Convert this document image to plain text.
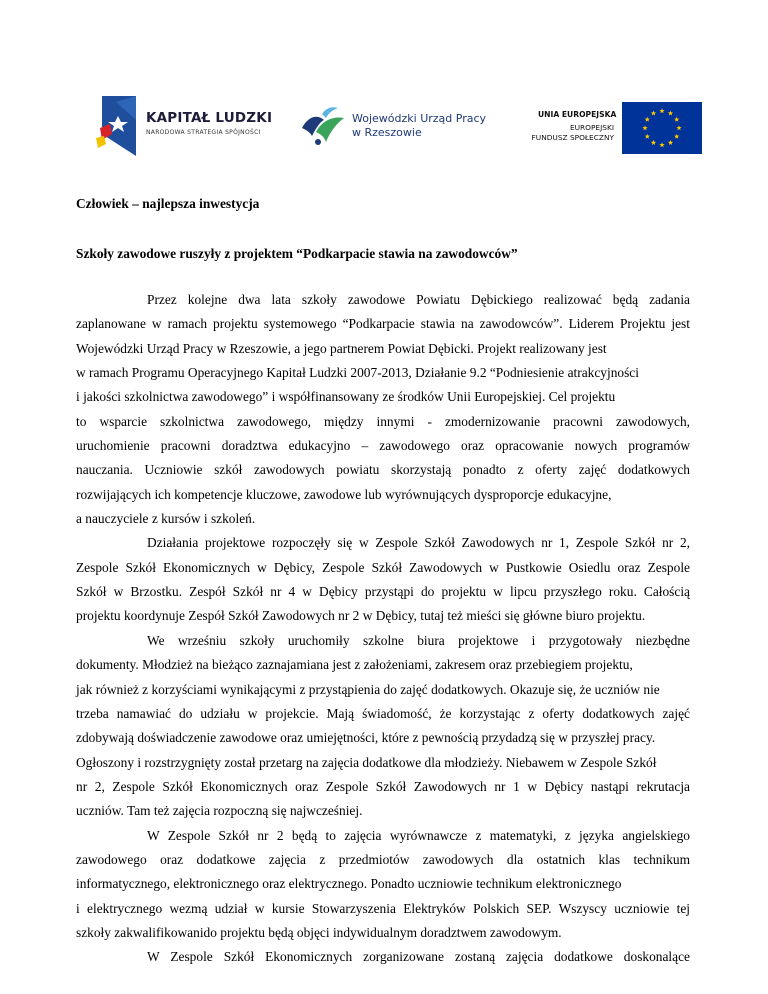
KAPITAŁ LUDZKI
NARODOWA STRATEGIA SPÓJNOŚCI
Wojewódzki Urząd Pracy
w Rzeszowie
UNIA EUROPEJSKA
EUROPEJSKI
FUNDUSZ SPOŁECZNY
Człowiek – najlepsza inwestycja
Szkoły zawodowe ruszyły z projektem “Podkarpacie stawia na zawodowców”
Przez kolejne dwa lata szkoły zawodowe Powiatu Dębickiego realizować będą zadania
zaplanowane w ramach projektu systemowego “Podkarpacie stawia na zawodowców”. Liderem Projektu jest
Wojewódzki Urząd Pracy w Rzeszowie, a jego partnerem Powiat Dębicki. Projekt realizowany jest
w ramach Programu Operacyjnego Kapitał Ludzki 2007-2013, Działanie 9.2 “Podniesienie atrakcyjności
i jakości szkolnictwa zawodowego” i współfinansowany ze środków Unii Europejskiej. Cel projektu
to wsparcie szkolnictwa zawodowego, między innymi - zmodernizowanie pracowni zawodowych,
uruchomienie pracowni doradztwa edukacyjno – zawodowego oraz opracowanie nowych programów
nauczania. Uczniowie szkół zawodowych powiatu skorzystają ponadto z oferty zajęć dodatkowych
rozwijających ich kompetencje kluczowe, zawodowe lub wyrównujących dysproporcje edukacyjne,
a nauczyciele z kursów i szkoleń.
Działania projektowe rozpoczęły się w Zespole Szkół Zawodowych nr 1, Zespole Szkół nr 2,
Zespole Szkół Ekonomicznych w Dębicy, Zespole Szkół Zawodowych w Pustkowie Osiedlu oraz Zespole
Szkół w Brzostku. Zespół Szkół nr 4 w Dębicy przystąpi do projektu w lipcu przyszłego roku. Całością
projektu koordynuje Zespół Szkół Zawodowych nr 2 w Dębicy, tutaj też mieści się główne biuro projektu.
We wrześniu szkoły uruchomiły szkolne biura projektowe i przygotowały niezbędne
dokumenty. Młodzież na bieżąco zaznajamiana jest z założeniami, zakresem oraz przebiegiem projektu,
jak również z korzyściami wynikającymi z przystąpienia do zajęć dodatkowych. Okazuje się, że uczniów nie
trzeba namawiać do udziału w projekcie. Mają świadomość, że korzystając z oferty dodatkowych zajęć
zdobywają doświadczenie zawodowe oraz umiejętności, które z pewnością przydadzą się w przyszłej pracy.
Ogłoszony i rozstrzygnięty został przetarg na zajęcia dodatkowe dla młodzieży. Niebawem w Zespole Szkół
nr 2, Zespole Szkół Ekonomicznych oraz Zespole Szkół Zawodowych nr 1 w Dębicy nastąpi rekrutacja
uczniów. Tam też zajęcia rozpoczną się najwcześniej.
W Zespole Szkół nr 2 będą to zajęcia wyrównawcze z matematyki, z języka angielskiego
zawodowego oraz dodatkowe zajęcia z przedmiotów zawodowych dla ostatnich klas technikum
informatycznego, elektronicznego oraz elektrycznego. Ponadto uczniowie technikum elektronicznego
i elektrycznego wezmą udział w kursie Stowarzyszenia Elektryków Polskich SEP. Wszyscy uczniowie tej
szkoły zakwalifikowanido projektu będą objęci indywidualnym doradztwem zawodowym.
W Zespole Szkół Ekonomicznych zorganizowane zostaną zajęcia dodatkowe doskonalące
